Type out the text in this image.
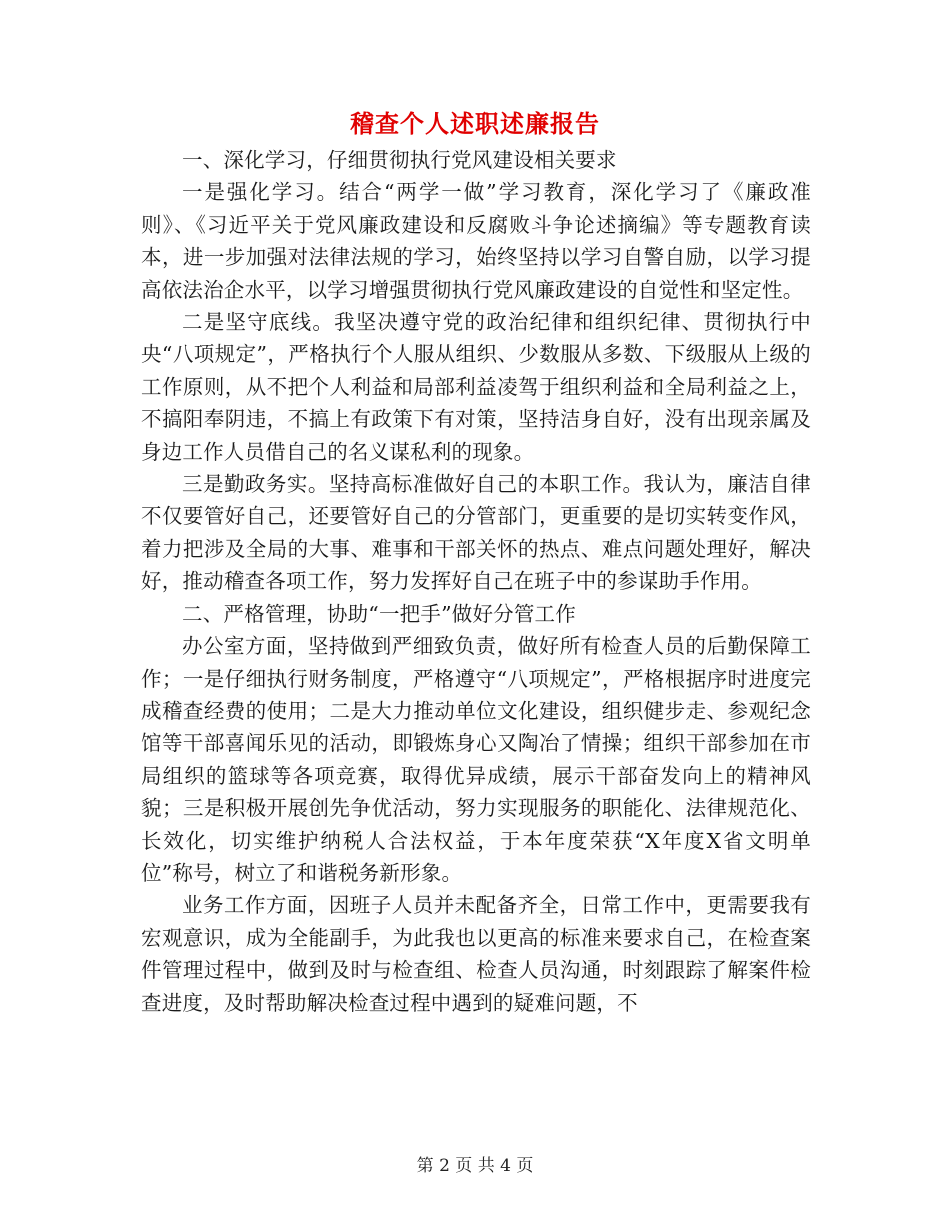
稽查个人述职述廉报告

一、深化学习，仔细贯彻执行党风建设相关要求

一是强化学习。结合“两学一做”学习教育，深化学习了《廉政准则》、《习近平关于党风廉政建设和反腐败斗争论述摘编》等专题教育读本，进一步加强对法律法规的学习，始终坚持以学习自警自励，以学习提高依法治企水平，以学习增强贯彻执行党风廉政建设的自觉性和坚定性。

二是坚守底线。我坚决遵守党的政治纪律和组织纪律、贯彻执行中央“八项规定”，严格执行个人服从组织、少数服从多数、下级服从上级的工作原则，从不把个人利益和局部利益凌驾于组织利益和全局利益之上，不搞阳奉阴违，不搞上有政策下有对策，坚持洁身自好，没有出现亲属及身边工作人员借自己的名义谋私利的现象。

三是勤政务实。坚持高标准做好自己的本职工作。我认为，廉洁自律不仅要管好自己，还要管好自己的分管部门，更重要的是切实转变作风，着力把涉及全局的大事、难事和干部关怀的热点、难点问题处理好，解决好，推动稽查各项工作，努力发挥好自己在班子中的参谋助手作用。

二、严格管理，协助“一把手”做好分管工作

办公室方面，坚持做到严细致负责，做好所有检查人员的后勤保障工作；一是仔细执行财务制度，严格遵守“八项规定”，严格根据序时进度完成稽查经费的使用；二是大力推动单位文化建设，组织健步走、参观纪念馆等干部喜闻乐见的活动，即锻炼身心又陶冶了情操；组织干部参加在市局组织的篮球等各项竞赛，取得优异成绩，展示干部奋发向上的精神风貌；三是积极开展创先争优活动，努力实现服务的职能化、法律规范化、长效化，切实维护纳税人合法权益，于本年度荣获“X年度X省文明单位”称号，树立了和谐税务新形象。

业务工作方面，因班子人员并未配备齐全，日常工作中，更需要我有宏观意识，成为全能副手，为此我也以更高的标准来要求自己，在检查案件管理过程中，做到及时与检查组、检查人员沟通，时刻跟踪了解案件检查进度，及时帮助解决检查过程中遇到的疑难问题，不

第 2 页 共 4 页
